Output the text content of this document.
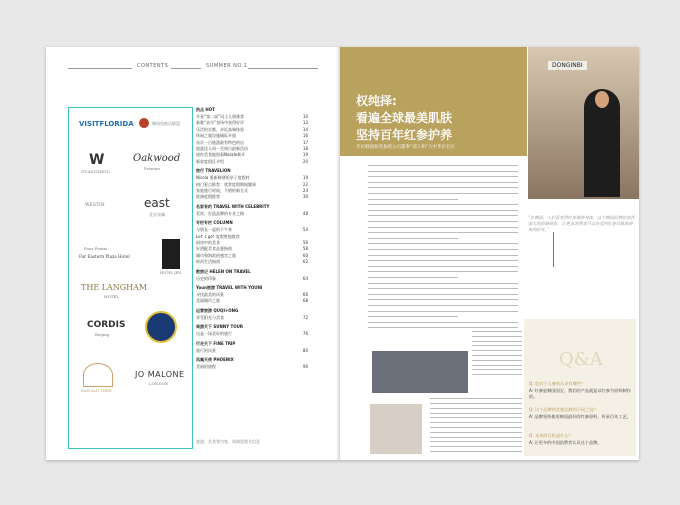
CONTENTS	SUMMER NO.1
VISITFLORIDA	韩国免税店联盟
W
GUANGZHOU
Oakwood
Premier
WESTIN	east
北京东隅
Four Points
Far Eastern Plaza Hotel
HOTEL JEN
THE LANGHAM
HOTEL
CORDIS
Beijing
BANYAN TREE
JO MALONE
LONDON
热点 HOT
开卷“第二届”风土人情推荐	10
新歌“首尔”登场中获得好评	12
乐活的京都、亲近高端体验	14
休闲之旅设施城际开放	16
东京一日旅游最有特色的店	17
旅游达人周一至周日最新活动	18
迷你美食地图看Nozzle新开	19
新款度假区介绍	20
旅行 TRAVELION
Nicola 重新修缮的亲子度假村	19
热门景点推荐：欣赏度假期间趣事	22
家庭旅行时间，不错的新方式	24
欧洲度假推荐	30
名家有约 TRAVEL WITH CELEBRITY
美妆，打造品牌的专业之路	48
专栏专栏 COLUMN
与朋友一起的下午茶	54
Let' s go! 度假胜地推荐
厨房中的美食	56
好酒配美食品鉴指南	58
城市和海滨的感官之旅	60
时尚生活指南	62
数旅记 HELEN ON TRAVEL
历史的印象	64
Youn旅游 TRAVEL WITH YOUNI
寻找最美的风景	66
美丽城市之旅	68
运营旅游 QUQI+ONG
享受阳光与美食	72
周游天下 SUNNY TOUR
这是一场美好的旅行	76
行走天下 FINE TRIP
旅行的风景	80
凤凰天使 PHOENIX
美丽的旅程	90
旅游、美食等内容，请浏览相关信息
权纯择:
看遍全球最美肌肤
坚持百年红参护养
专访韩国知名参药公司董事“郑人和”大中华区社长
DONGINBI
“在韩国，人们喜欢用红参调养身体，这个韩国品牌也依托强大的资源研发，让更多消费者可以享受到红参给肌肤带来的好处。”
Q&A
Q: 您对于人参的认识有哪些？
A: 红参是韩国国宝，我们的产品就是以红参为原料制作的。
Q: 这个品牌和其他品牌的不同之处？
A: 品牌坚持使用韩国最好的红参原料，传承百年工艺。
Q: 未来的目标是什么？
A: 让更多的中国消费者认识这个品牌。
